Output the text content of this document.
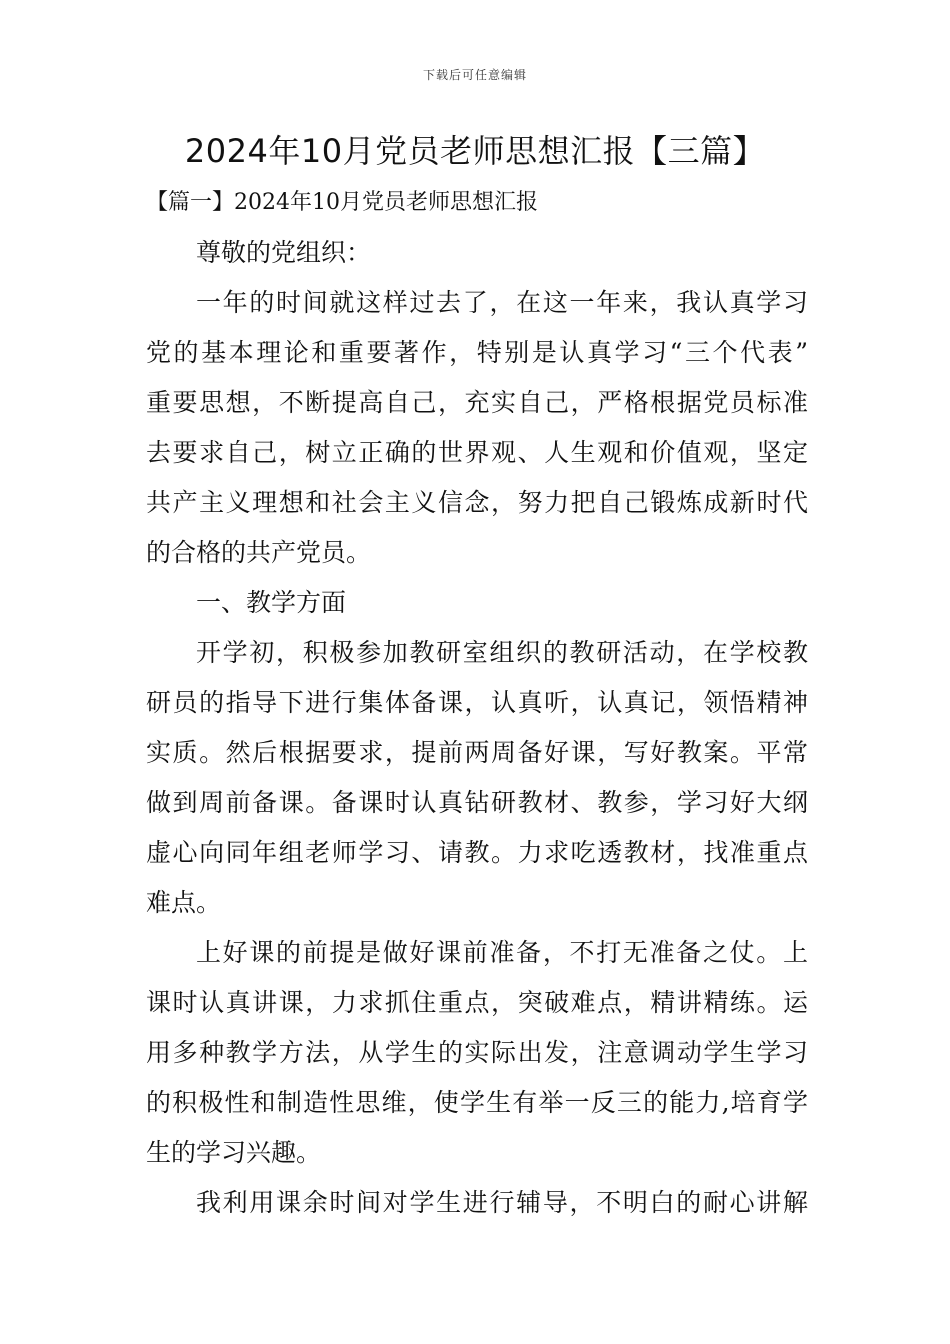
下载后可任意编辑
2024年10月党员老师思想汇报【三篇】
【篇一】2024年10月党员老师思想汇报
尊敬的党组织：
一年的时间就这样过去了，在这一年来，我认真学习
党的基本理论和重要著作，特别是认真学习“三个代表”
重要思想，不断提高自己，充实自己，严格根据党员标准
去要求自己，树立正确的世界观、人生观和价值观，坚定
共产主义理想和社会主义信念，努力把自己锻炼成新时代
的合格的共产党员。
一、教学方面
开学初，积极参加教研室组织的教研活动，在学校教
研员的指导下进行集体备课，认真听，认真记，领悟精神
实质。然后根据要求，提前两周备好课，写好教案。平常
做到周前备课。备课时认真钻研教材、教参，学习好大纲
虚心向同年组老师学习、请教。力求吃透教材，找准重点
难点。
上好课的前提是做好课前准备，不打无准备之仗。上
课时认真讲课，力求抓住重点，突破难点，精讲精练。运
用多种教学方法，从学生的实际出发，注意调动学生学习
的积极性和制造性思维，使学生有举一反三的能力,培育学
生的学习兴趣。
我利用课余时间对学生进行辅导，不明白的耐心讲解
